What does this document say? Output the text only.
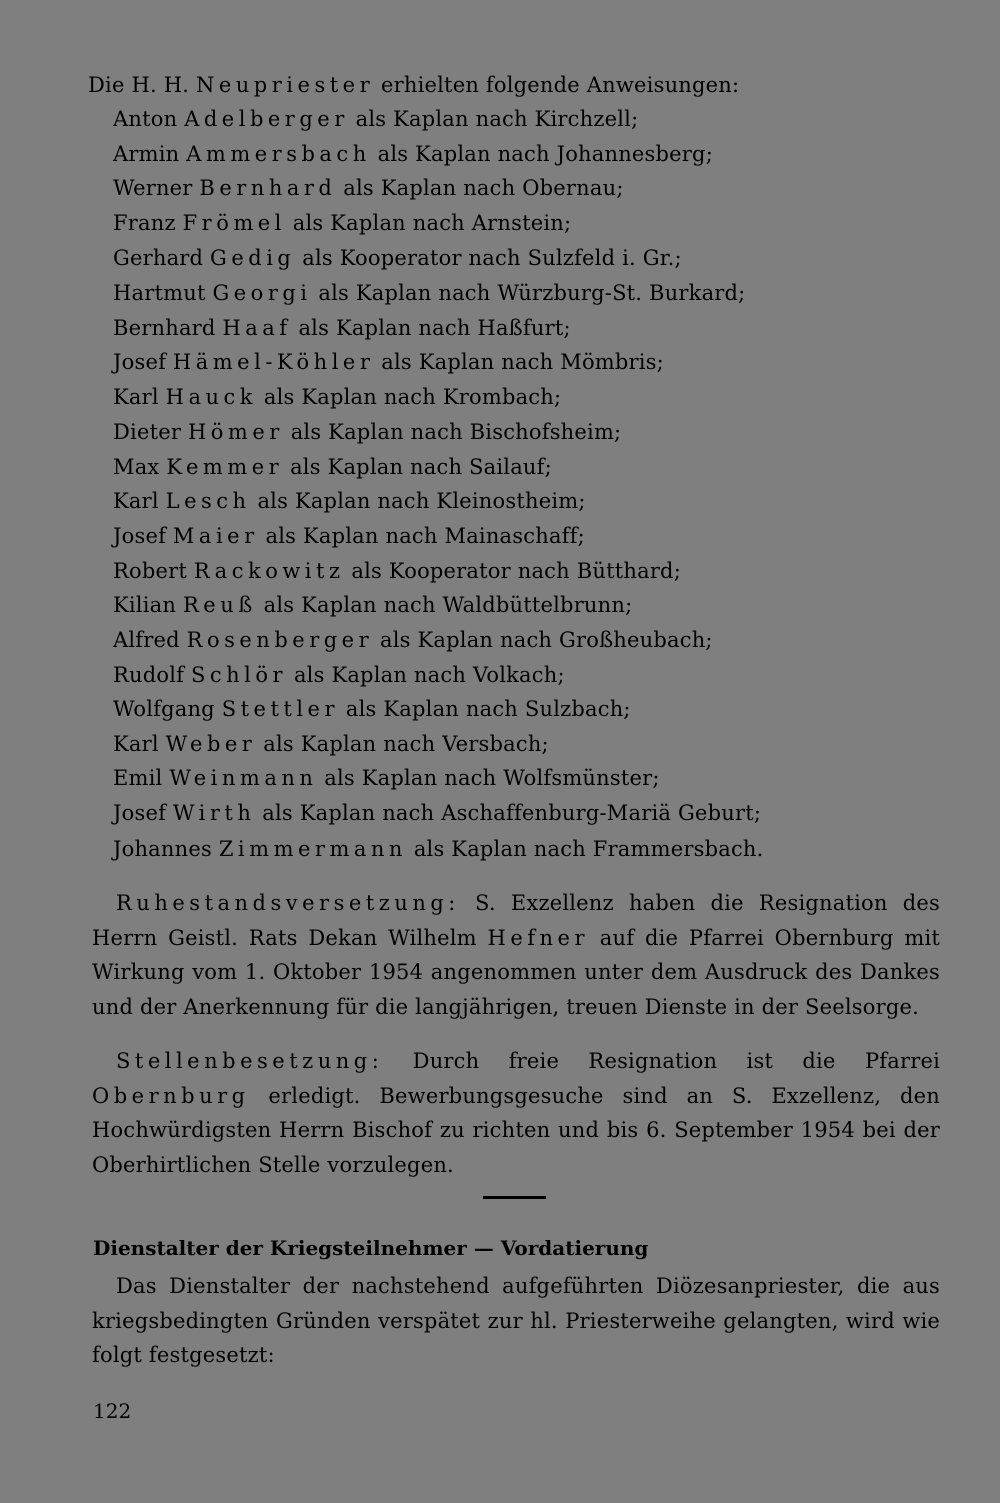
Die H. H. Neupriester erhielten folgende Anweisungen:
Anton Adelberger als Kaplan nach Kirchzell;
Armin Ammersbach als Kaplan nach Johannesberg;
Werner Bernhard als Kaplan nach Obernau;
Franz Frömel als Kaplan nach Arnstein;
Gerhard Gedig als Kooperator nach Sulzfeld i. Gr.;
Hartmut Georgi als Kaplan nach Würzburg-St. Burkard;
Bernhard Haaf als Kaplan nach Haßfurt;
Josef Hämel-Köhler als Kaplan nach Mömbris;
Karl Hauck als Kaplan nach Krombach;
Dieter Hömer als Kaplan nach Bischofsheim;
Max Kemmer als Kaplan nach Sailauf;
Karl Lesch als Kaplan nach Kleinostheim;
Josef Maier als Kaplan nach Mainaschaff;
Robert Rackowitz als Kooperator nach Bütthard;
Kilian Reuß als Kaplan nach Waldbüttelbrunn;
Alfred Rosenberger als Kaplan nach Großheubach;
Rudolf Schlör als Kaplan nach Volkach;
Wolfgang Stettler als Kaplan nach Sulzbach;
Karl Weber als Kaplan nach Versbach;
Emil Weinmann als Kaplan nach Wolfsmünster;
Josef Wirth als Kaplan nach Aschaffenburg-Mariä Geburt;
Johannes Zimmermann als Kaplan nach Frammersbach.
Ruhestandsversetzung: S. Exzellenz haben die Resignation des Herrn Geistl. Rats Dekan Wilhelm Hefner auf die Pfarrei Obernburg mit Wirkung vom 1. Oktober 1954 angenommen unter dem Ausdruck des Dankes und der Anerkennung für die langjährigen, treuen Dienste in der Seelsorge.
Stellenbesetzung: Durch freie Resignation ist die Pfarrei Obernburg erledigt. Bewerbungsgesuche sind an S. Exzellenz, den Hochwürdigsten Herrn Bischof zu richten und bis 6. September 1954 bei der Oberhirtlichen Stelle vorzulegen.
Dienstalter der Kriegsteilnehmer — Vordatierung
Das Dienstalter der nachstehend aufgeführten Diözesanpriester, die aus kriegsbedingten Gründen verspätet zur hl. Priesterweihe gelangten, wird wie folgt festgesetzt:
122
